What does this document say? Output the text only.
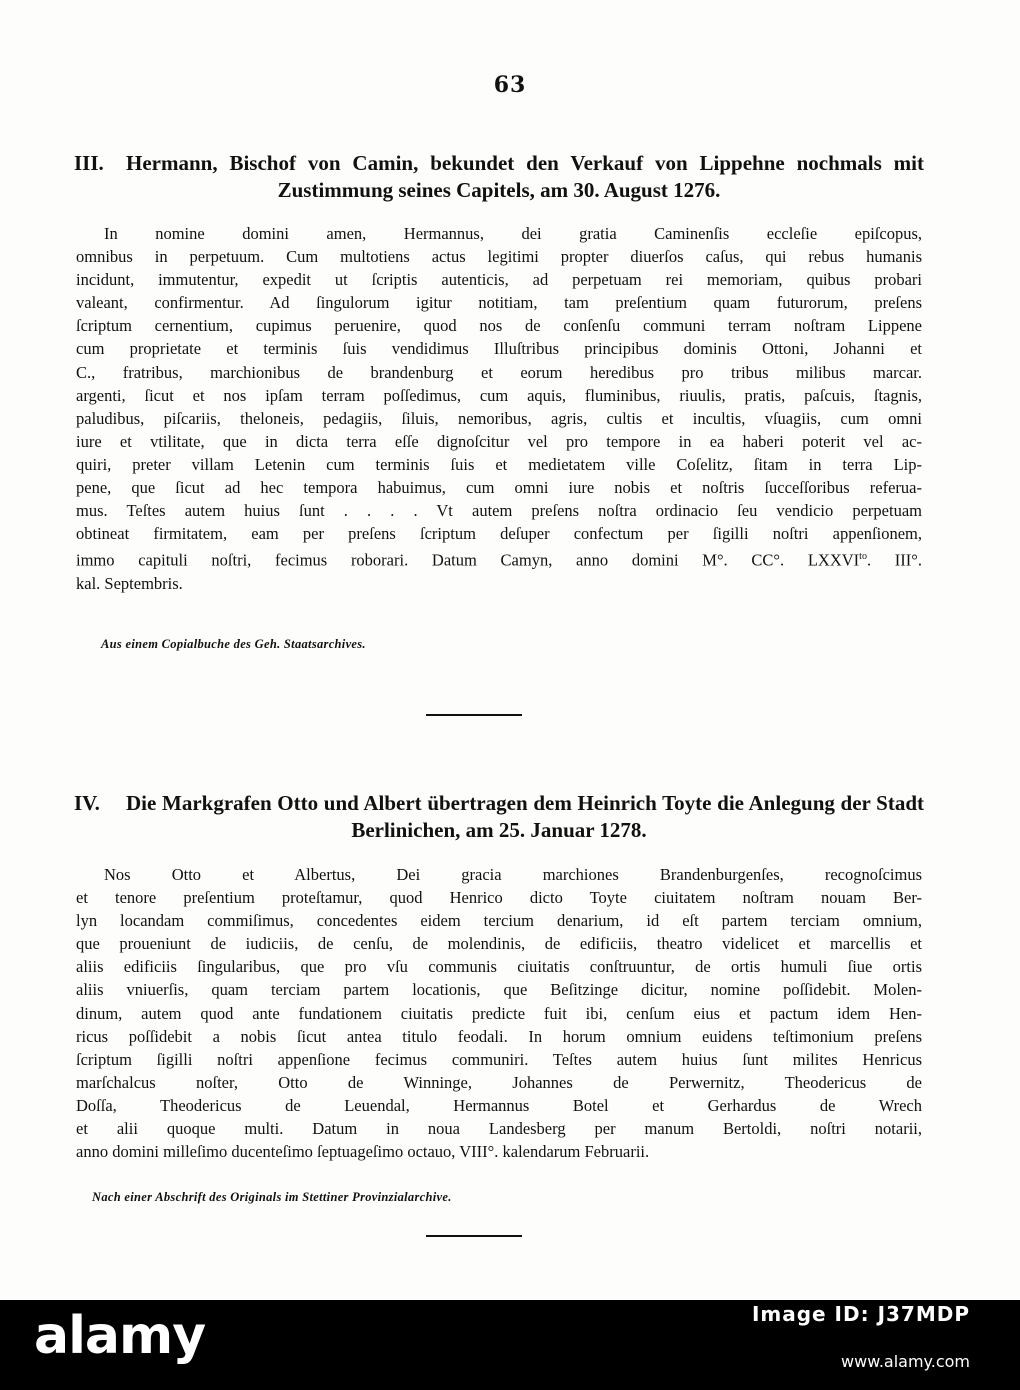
63
III. Hermann, Bischof von Camin, bekundet den Verkauf von Lippehne nochmals mit
Zustimmung seines Capitels, am 30. August 1276.
In nomine domini amen, Hermannus, dei gratia Caminenſis eccleſie epiſcopus,
omnibus in perpetuum. Cum multotiens actus legitimi propter diuerſos caſus, qui rebus humanis
incidunt, immutentur, expedit ut ſcriptis autenticis, ad perpetuam rei memoriam, quibus probari
valeant, confirmentur. Ad ſingulorum igitur notitiam, tam preſentium quam futurorum, preſens
ſcriptum cernentium, cupimus peruenire, quod nos de conſenſu communi terram noſtram Lippene
cum proprietate et terminis ſuis vendidimus Illuſtribus principibus dominis Ottoni, Johanni et
C., fratribus, marchionibus de brandenburg et eorum heredibus pro tribus milibus marcar.
argenti, ſicut et nos ipſam terram poſſedimus, cum aquis, fluminibus, riuulis, pratis, paſcuis, ſtagnis,
paludibus, piſcariis, theloneis, pedagiis, ſiluis, nemoribus, agris, cultis et incultis, vſuagiis, cum omni
iure et vtilitate, que in dicta terra eſſe dignoſcitur vel pro tempore in ea haberi poterit vel ac-
quiri, preter villam Letenin cum terminis ſuis et medietatem ville Coſelitz, ſitam in terra Lip-
pene, que ſicut ad hec tempora habuimus, cum omni iure nobis et noſtris ſucceſſoribus referua-
mus. Teſtes autem huius ſunt . . . . Vt autem preſens noſtra ordinacio ſeu vendicio perpetuam
obtineat firmitatem, eam per preſens ſcriptum deſuper confectum per ſigilli noſtri appenſionem,
immo capituli noſtri, fecimus roborari. Datum Camyn, anno domini M°. CC°. $LXXVI^{to}$. III°.
kal. Septembris.
Aus einem Copialbuche des Geh. Staatsarchives.
IV. Die Markgrafen Otto und Albert übertragen dem Heinrich Toyte die Anlegung der Stadt
Berlinichen, am 25. Januar 1278.
Nos Otto et Albertus, Dei gracia marchiones Brandenburgenſes, recognoſcimus
et tenore preſentium proteſtamur, quod Henrico dicto Toyte ciuitatem noſtram nouam Ber-
lyn locandam commiſimus, concedentes eidem tercium denarium, id eſt partem terciam omnium,
que proueniunt de iudiciis, de cenſu, de molendinis, de edificiis, theatro videlicet et marcellis et
aliis edificiis ſingularibus, que pro vſu communis ciuitatis conſtruuntur, de ortis humuli ſiue ortis
aliis vniuerſis, quam terciam partem locationis, que Beſitzinge dicitur, nomine poſſidebit. Molen-
dinum, autem quod ante fundationem ciuitatis predicte fuit ibi, cenſum eius et pactum idem Hen-
ricus poſſidebit a nobis ſicut antea titulo feodali. In horum omnium euidens teſtimonium preſens
ſcriptum ſigilli noſtri appenſione fecimus communiri. Teſtes autem huius ſunt milites Henricus
marſchalcus noſter, Otto de Winninge, Johannes de Perwernitz, Theodericus de
Doſſa, Theodericus de Leuendal, Hermannus Botel et Gerhardus de Wrech
et alii quoque multi. Datum in noua Landesberg per manum Bertoldi, noſtri notarii,
anno domini milleſimo ducenteſimo ſeptuageſimo octauo, VIII°. kalendarum Februarii.
Nach einer Abschrift des Originals im Stettiner Provinzialarchive.
alamy	Image ID: J37MDP
www.alamy.com
